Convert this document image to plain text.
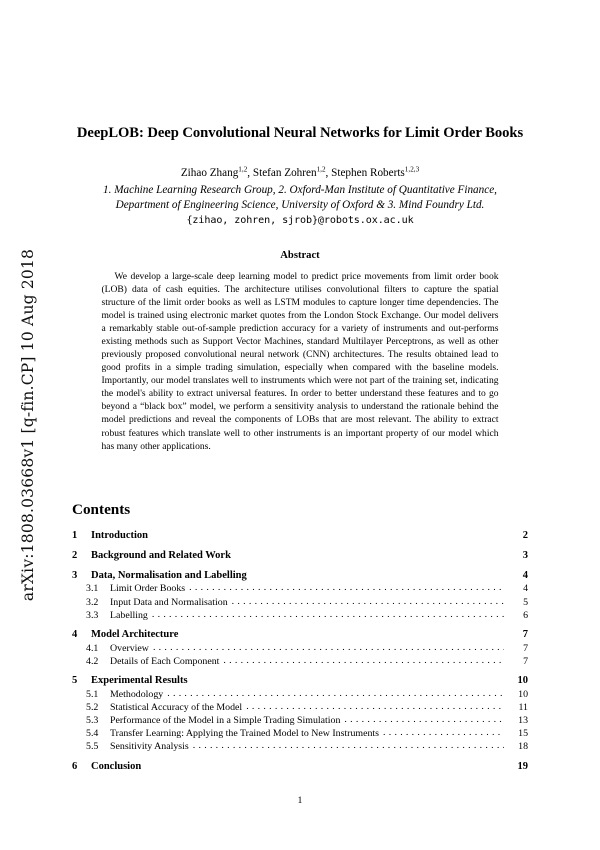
arXiv:1808.03668v1 [q-fin.CP] 10 Aug 2018
DeepLOB: Deep Convolutional Neural Networks for Limit Order Books
Zihao Zhang$^{1,2}$, Stefan Zohren$^{1,2}$, Stephen Roberts$^{1,2,3}$
1. Machine Learning Research Group, 2. Oxford-Man Institute of Quantitative Finance,
Department of Engineering Science, University of Oxford & 3. Mind Foundry Ltd.
{zihao, zohren, sjrob}@robots.ox.ac.uk
Abstract

We develop a large-scale deep learning model to predict price movements from limit order book (LOB) data of cash equities. The architecture utilises convolutional filters to capture the spatial structure of the limit order books as well as LSTM modules to capture longer time dependencies. The model is trained using electronic market quotes from the London Stock Exchange. Our model delivers a remarkably stable out-of-sample prediction accuracy for a variety of instruments and out-performs existing methods such as Support Vector Machines, standard Multilayer Perceptrons, as well as other previously proposed convolutional neural network (CNN) architectures. The results obtained lead to good profits in a simple trading simulation, especially when compared with the baseline models. Importantly, our model translates well to instruments which were not part of the training set, indicating the model's ability to extract universal features. In order to better understand these features and to go beyond a “black box” model, we perform a sensitivity analysis to understand the rationale behind the model predictions and reveal the components of LOBs that are most relevant. The ability to extract robust features which translate well to other instruments is an important property of our model which has many other applications.

Contents
1	Introduction	2
2	Background and Related Work	3
3	Data, Normalisation and Labelling	4
3.1	Limit Order Books . . .	4
3.2	Input Data and Normalisation . . .	5
3.3	Labelling . . .	6
4	Model Architecture	7
4.1	Overview . . .	7
4.2	Details of Each Component . . .	7
5	Experimental Results	10
5.1	Methodology . . .	10
5.2	Statistical Accuracy of the Model . . .	11
5.3	Performance of the Model in a Simple Trading Simulation . . .	13
5.4	Transfer Learning: Applying the Trained Model to New Instruments . . .	15
5.5	Sensitivity Analysis . . .	18
6	Conclusion	19
1
